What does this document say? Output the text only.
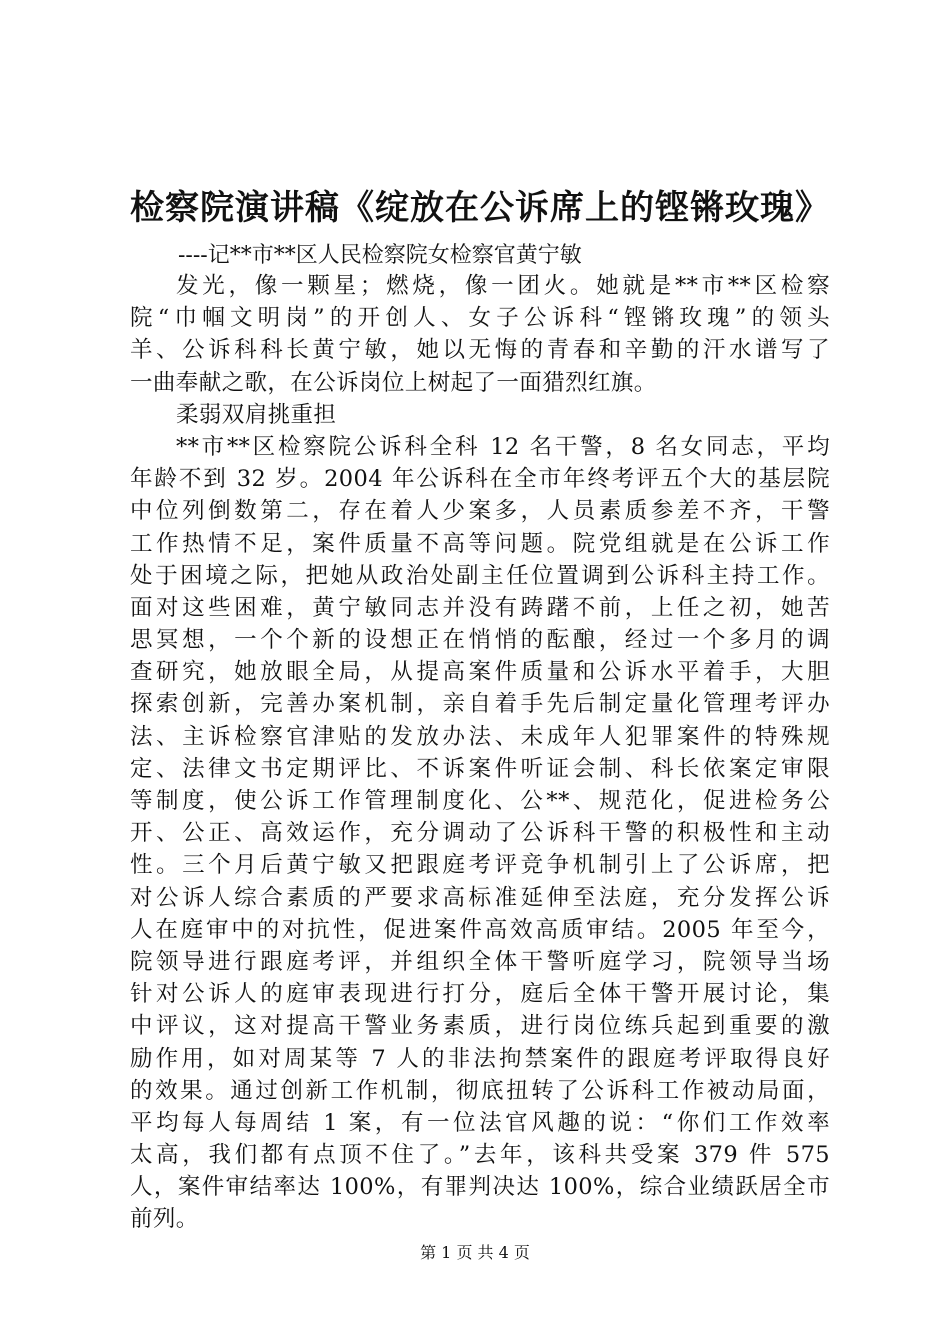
检察院演讲稿《绽放在公诉席上的铿锵玫瑰》
----记**市**区人民检察院女检察官黄宁敏
发光，像一颗星；燃烧，像一团火。她就是**市**区检察
院“巾帼文明岗”的开创人、女子公诉科“铿锵玫瑰”的领头
羊、公诉科科长黄宁敏，她以无悔的青春和辛勤的汗水谱写了
一曲奉献之歌，在公诉岗位上树起了一面猎烈红旗。
柔弱双肩挑重担
**市**区检察院公诉科全科 12 名干警，8 名女同志，平均
年龄不到 32 岁。2004 年公诉科在全市年终考评五个大的基层院
中位列倒数第二，存在着人少案多，人员素质参差不齐，干警
工作热情不足，案件质量不高等问题。院党组就是在公诉工作
处于困境之际，把她从政治处副主任位置调到公诉科主持工作。
面对这些困难，黄宁敏同志并没有踌躇不前，上任之初，她苦
思冥想，一个个新的设想正在悄悄的酝酿，经过一个多月的调
查研究，她放眼全局，从提高案件质量和公诉水平着手，大胆
探索创新，完善办案机制，亲自着手先后制定量化管理考评办
法、主诉检察官津贴的发放办法、未成年人犯罪案件的特殊规
定、法律文书定期评比、不诉案件听证会制、科长依案定审限
等制度，使公诉工作管理制度化、公**、规范化，促进检务公
开、公正、高效运作，充分调动了公诉科干警的积极性和主动
性。三个月后黄宁敏又把跟庭考评竞争机制引上了公诉席，把
对公诉人综合素质的严要求高标准延伸至法庭，充分发挥公诉
人在庭审中的对抗性，促进案件高效高质审结。2005 年至今，
院领导进行跟庭考评，并组织全体干警听庭学习，院领导当场
针对公诉人的庭审表现进行打分，庭后全体干警开展讨论，集
中评议，这对提高干警业务素质，进行岗位练兵起到重要的激
励作用，如对周某等 7 人的非法拘禁案件的跟庭考评取得良好
的效果。通过创新工作机制，彻底扭转了公诉科工作被动局面，
平均每人每周结 1 案，有一位法官风趣的说：“你们工作效率
太高，我们都有点顶不住了。”去年，该科共受案 379 件 575
人，案件审结率达 100%，有罪判决达 100%，综合业绩跃居全市
前列。
第 1 页 共 4 页
